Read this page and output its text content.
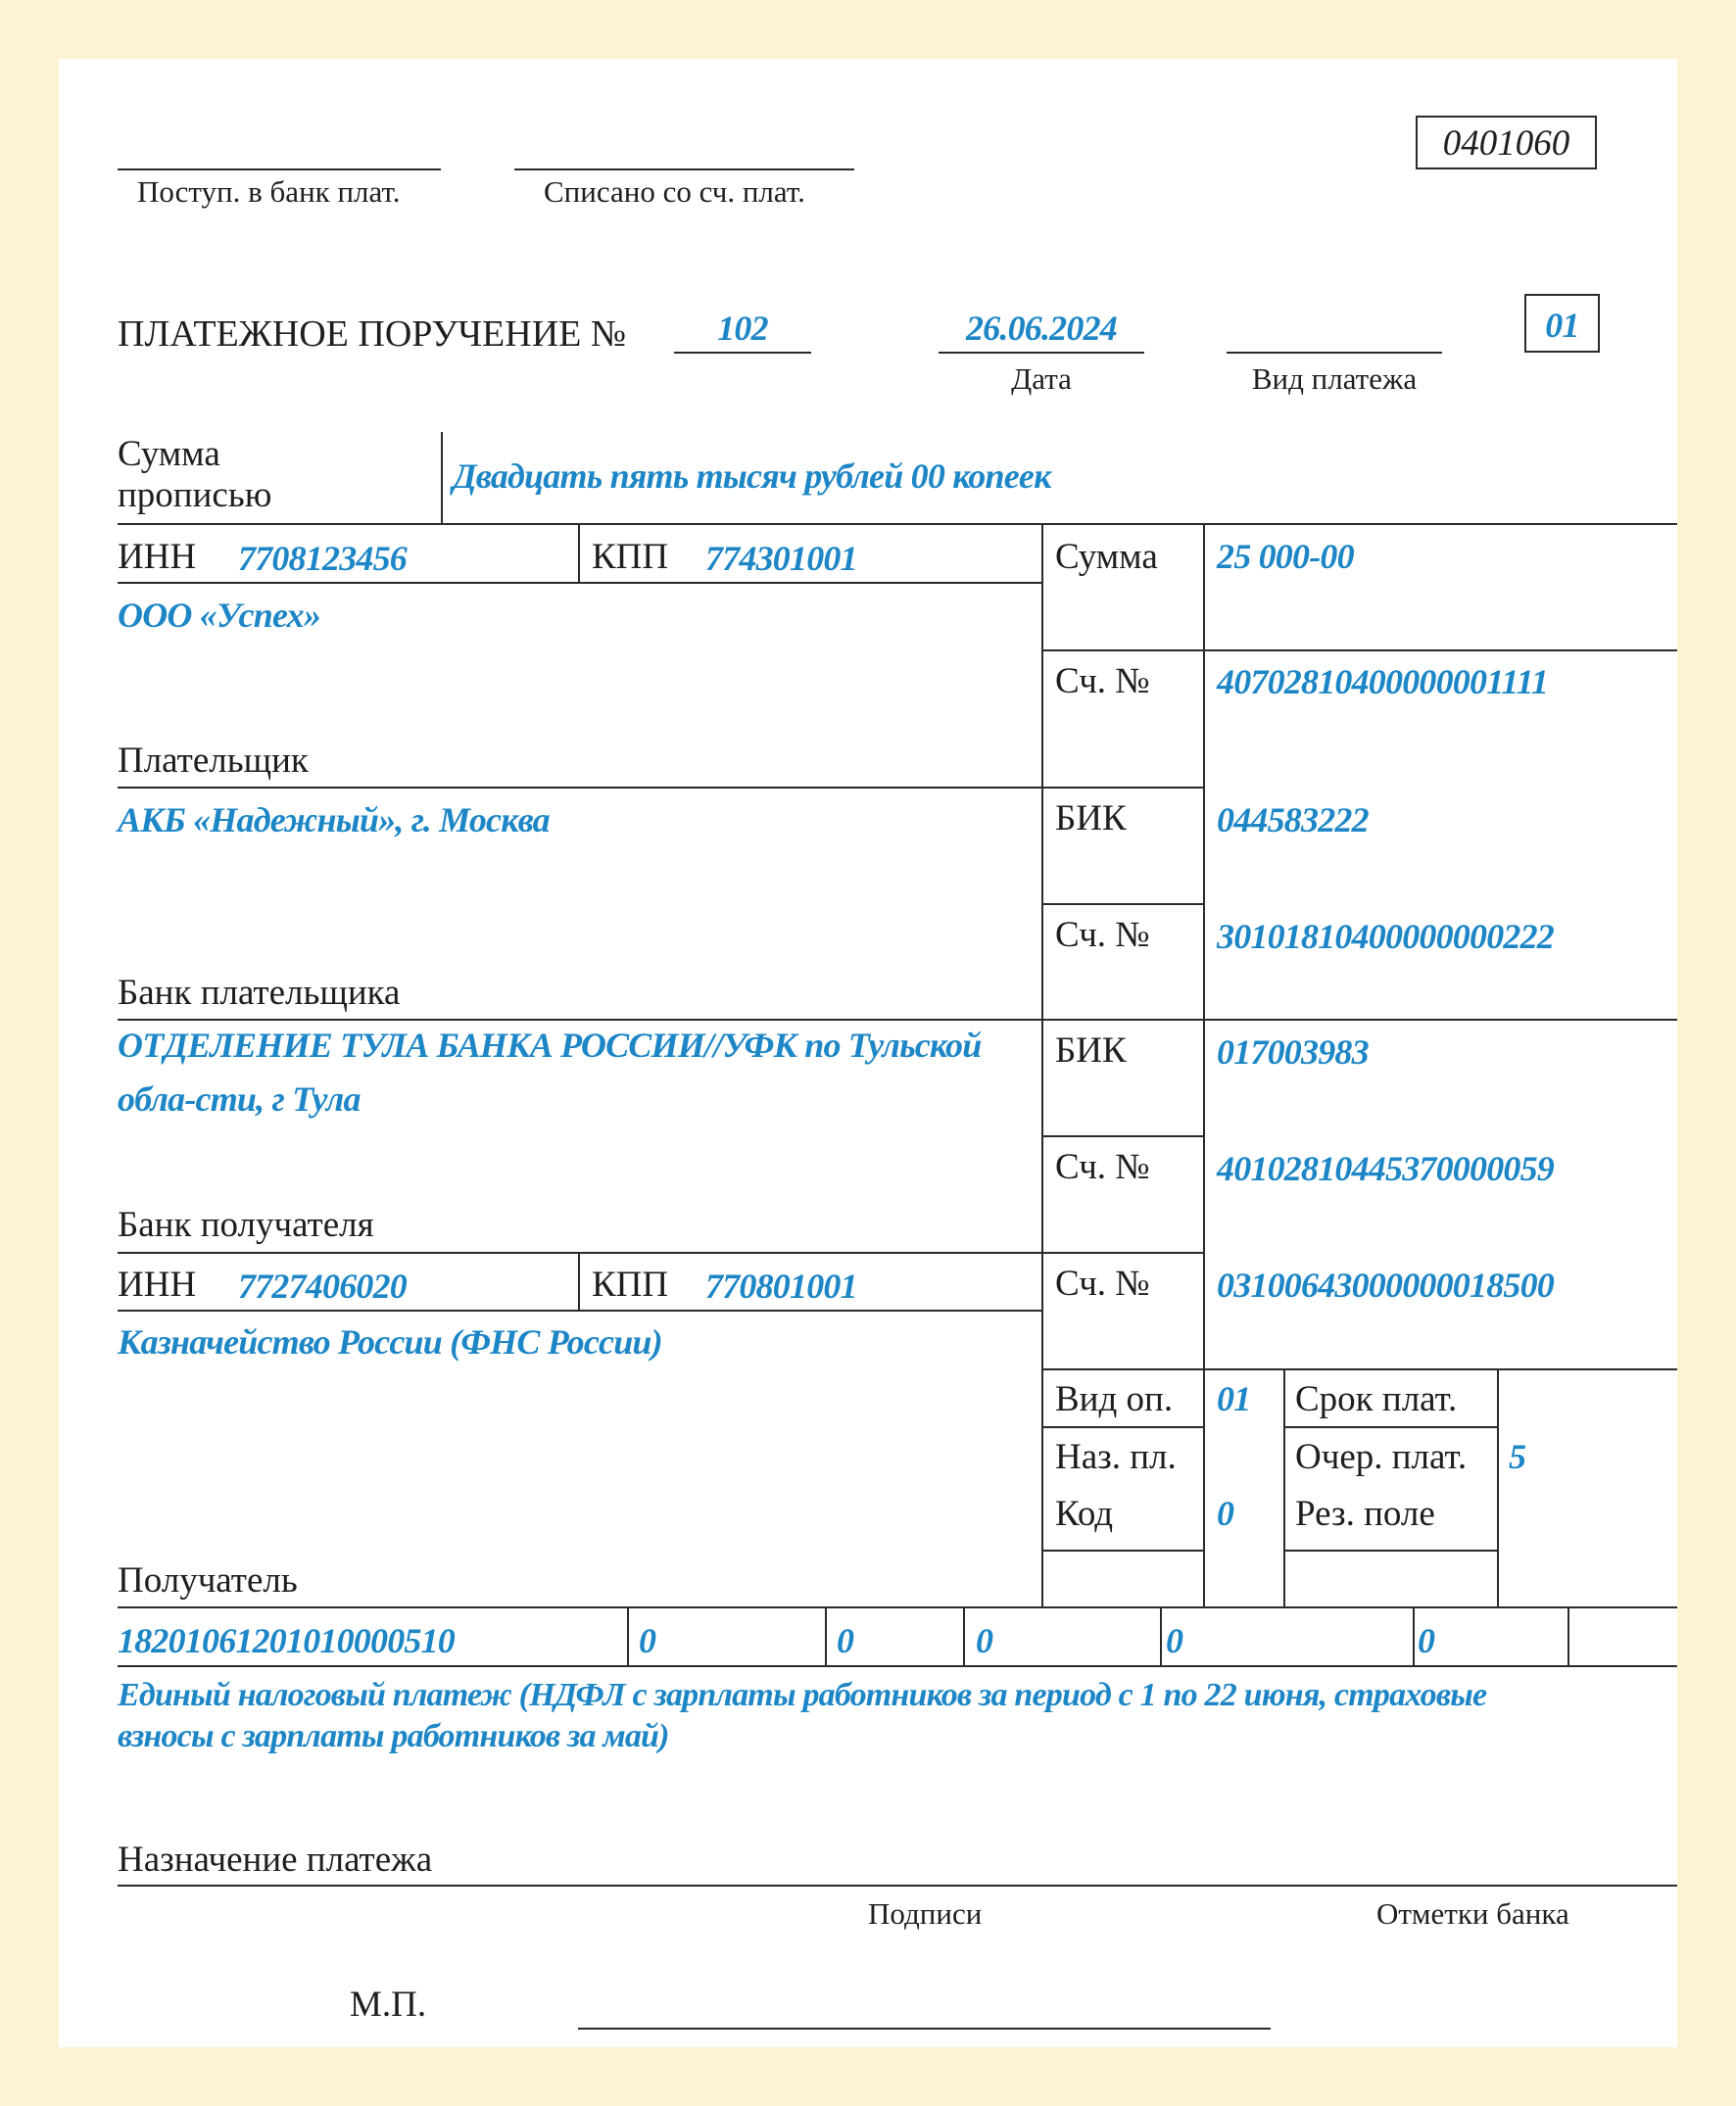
0401060
Поступ. в банк плат.	Списано со сч. плат.
ПЛАТЕЖНОЕ ПОРУЧЕНИЕ №	102	26.06.2024
Дата	Вид платежа
01
Сумма
прописью	Двадцать пять тысяч рублей 00 копеек
ИНН 7708123456	КПП 774301001
ООО «Успех»
Плательщик
Сумма 25 000-00
Сч. № 40702810400000001111
АКБ «Надежный», г. Москва
Банк плательщика
БИК	044583222
Сч. № 30101810400000000222
ОТДЕЛЕНИЕ ТУЛА БАНКА РОССИИ//УФК по Тульской обла-сти, г Тула
Банк получателя
БИК	017003983
Сч. № 40102810445370000059
ИНН 7727406020	КПП 770801001
Казначейство России (ФНС России)
Получатель
Сч. № 03100643000000018500
Вид оп. 01
Наз. пл.
Код	0
Срок плат.
Очер. плат. 5
Рез. поле
18201061201010000510	0	0	0	0	0
Единый налоговый платеж (НДФЛ с зарплаты работников за период с 1 по 22 июня, страховые
взносы с зарплаты работников за май)
Назначение платежа
Подписи	Отметки банка
М.П.
